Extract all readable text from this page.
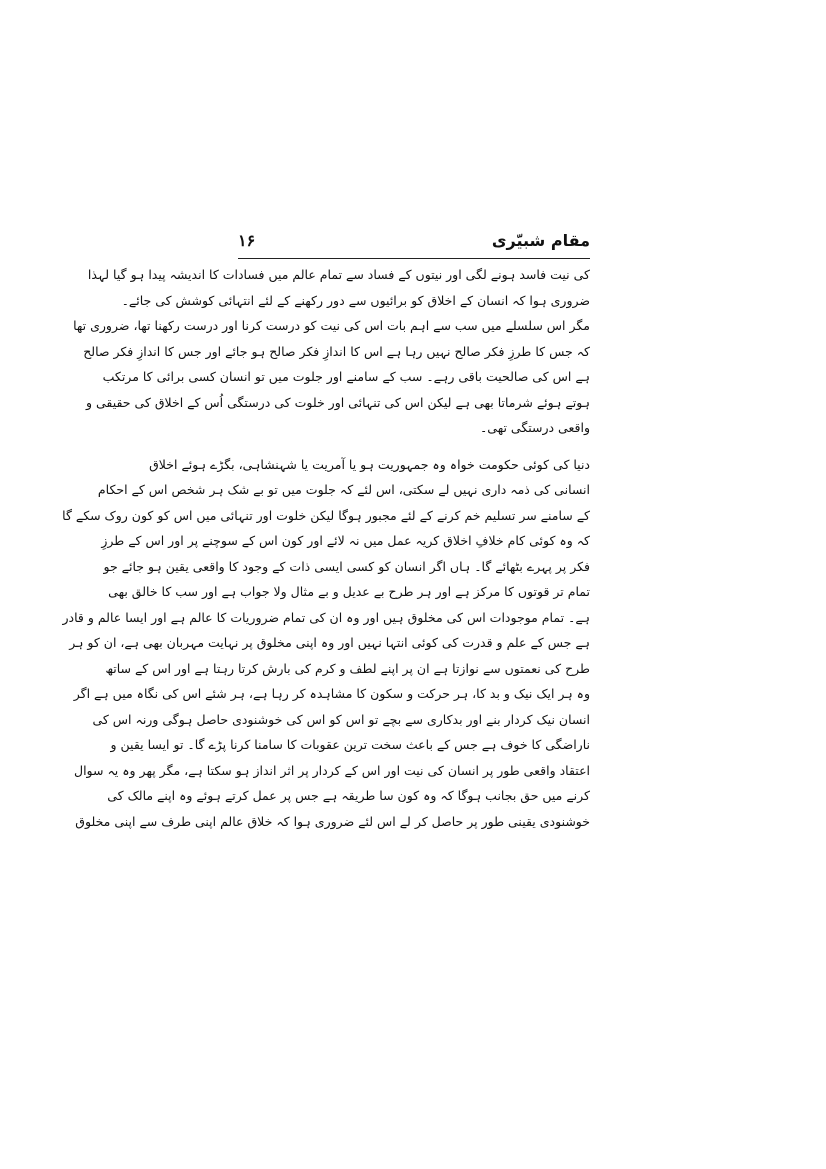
مقام شبیّری
۱۶
کی نیت فاسد ہونے لگی اور نیتوں کے فساد سے تمام عالم میں فسادات کا اندیشہ پیدا ہو گیا لہذا
ضروری ہوا کہ انسان کے اخلاق کو برائیوں سے دور رکھنے کے لئے انتہائی کوشش کی جائے۔
مگر اس سلسلے میں سب سے اہم بات اس کی نیت کو درست کرنا اور درست رکھنا تھا، ضروری تھا
کہ جس کا طرزِ فکر صالح نہیں رہا ہے اس کا اندازِ فکر صالح ہو جائے اور جس کا اندازِ فکر صالح
ہے اس کی صالحیت باقی رہے۔ سب کے سامنے اور جلوت میں تو انسان کسی برائی کا مرتکب
ہوتے ہوئے شرماتا بھی ہے لیکن اس کی تنہائی اور خلوت کی درستگی اُس کے اخلاق کی حقیقی و
واقعی درستگی تھی۔
دنیا کی کوئی حکومت خواہ وہ جمہوریت ہو یا آمریت یا شہنشاہی، بگڑے ہوئے اخلاق
انسانی کی ذمہ داری نہیں لے سکتی، اس لئے کہ جلوت میں تو بے شک ہر شخص اس کے احکام
کے سامنے سر تسلیم خم کرنے کے لئے مجبور ہوگا لیکن خلوت اور تنہائی میں اس کو کون روک سکے گا
کہ وہ کوئی کام خلافِ اخلاق کریہ عمل میں نہ لائے اور کون اس کے سوچنے پر اور اس کے طرزِ
فکر پر پہرے بٹھائے گا۔ ہاں اگر انسان کو کسی ایسی ذات کے وجود کا واقعی یقین ہو جائے جو
تمام تر قوتوں کا مرکز ہے اور ہر طرح بے عدیل و بے مثال ولا جواب ہے اور سب کا خالق بھی
ہے۔ تمام موجودات اس کی مخلوق ہیں اور وہ ان کی تمام ضروریات کا عالم ہے اور ایسا عالم و قادر
ہے جس کے علم و قدرت کی کوئی انتہا نہیں اور وہ اپنی مخلوق پر نہایت مہربان بھی ہے، ان کو ہر
طرح کی نعمتوں سے نوازتا ہے ان پر اپنے لطف و کرم کی بارش کرتا رہتا ہے اور اس کے ساتھ
وہ ہر ایک نیک و بد کا، ہر حرکت و سکون کا مشاہدہ کر رہا ہے، ہر شئے اس کی نگاہ میں ہے اگر
انسان نیک کردار بنے اور بدکاری سے بچے تو اس کو اس کی خوشنودی حاصل ہوگی ورنہ اس کی
ناراضگی کا خوف ہے جس کے باعث سخت ترین عقوبات کا سامنا کرنا پڑے گا۔ تو ایسا یقین و
اعتقاد واقعی طور پر انسان کی نیت اور اس کے کردار پر اثر انداز ہو سکتا ہے، مگر پھر وہ یہ سوال
کرنے میں حق بجانب ہوگا کہ وہ کون سا طریقہ ہے جس پر عمل کرتے ہوئے وہ اپنے مالک کی
خوشنودی یقینی طور پر حاصل کر لے اس لئے ضروری ہوا کہ خلاق عالم اپنی طرف سے اپنی مخلوق
